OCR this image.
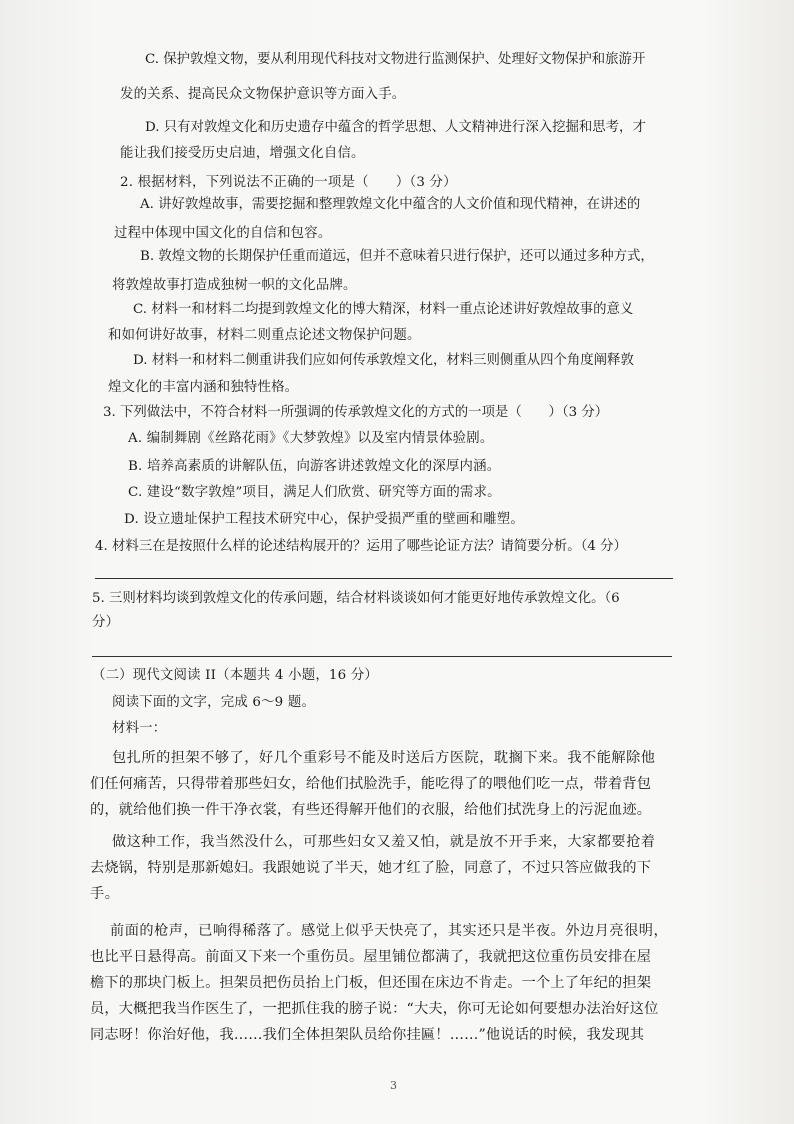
C. 保护敦煌文物，要从利用现代科技对文物进行监测保护、处理好文物保护和旅游开
发的关系、提高民众文物保护意识等方面入手。
D. 只有对敦煌文化和历史遗存中蕴含的哲学思想、人文精神进行深入挖掘和思考，才
能让我们接受历史启迪，增强文化自信。
2. 根据材料，下列说法不正确的一项是（　　）（3 分）
A. 讲好敦煌故事，需要挖掘和整理敦煌文化中蕴含的人文价值和现代精神，在讲述的
过程中体现中国文化的自信和包容。
B. 敦煌文物的长期保护任重而道远，但并不意味着只进行保护，还可以通过多种方式，
将敦煌故事打造成独树一帜的文化品牌。
C. 材料一和材料二均提到敦煌文化的博大精深，材料一重点论述讲好敦煌故事的意义
和如何讲好故事，材料二则重点论述文物保护问题。
D. 材料一和材料二侧重讲我们应如何传承敦煌文化，材料三则侧重从四个角度阐释敦
煌文化的丰富内涵和独特性格。
3. 下列做法中，不符合材料一所强调的传承敦煌文化的方式的一项是（　　）（3 分）
A. 编制舞剧《丝路花雨》《大梦敦煌》以及室内情景体验剧。
B. 培养高素质的讲解队伍，向游客讲述敦煌文化的深厚内涵。
C. 建设“数字敦煌”项目，满足人们欣赏、研究等方面的需求。
D. 设立遗址保护工程技术研究中心，保护受损严重的壁画和雕塑。
4. 材料三在是按照什么样的论述结构展开的？运用了哪些论证方法？请简要分析。（4 分）
5. 三则材料均谈到敦煌文化的传承问题，结合材料谈谈如何才能更好地传承敦煌文化。（6
分）
（二）现代文阅读 II（本题共 4 小题，16 分）
阅读下面的文字，完成 6～9 题。
材料一：
包扎所的担架不够了，好几个重彩号不能及时送后方医院，耽搁下来。我不能解除他
们任何痛苦，只得带着那些妇女，给他们拭脸洗手，能吃得了的喂他们吃一点，带着背包
的，就给他们换一件干净衣裳，有些还得解开他们的衣服，给他们拭洗身上的污泥血迹。
做这种工作，我当然没什么，可那些妇女又羞又怕，就是放不开手来，大家都要抢着
去烧锅，特别是那新媳妇。我跟她说了半天，她才红了脸，同意了，不过只答应做我的下
手。
前面的枪声，已响得稀落了。感觉上似乎天快亮了，其实还只是半夜。外边月亮很明，
也比平日悬得高。前面又下来一个重伤员。屋里铺位都满了，我就把这位重伤员安排在屋
檐下的那块门板上。担架员把伤员抬上门板，但还围在床边不肯走。一个上了年纪的担架
员，大概把我当作医生了，一把抓住我的膀子说：“大夫，你可无论如何要想办法治好这位
同志呀！你治好他，我……我们全体担架队员给你挂匾！……”他说话的时候，我发现其
3
